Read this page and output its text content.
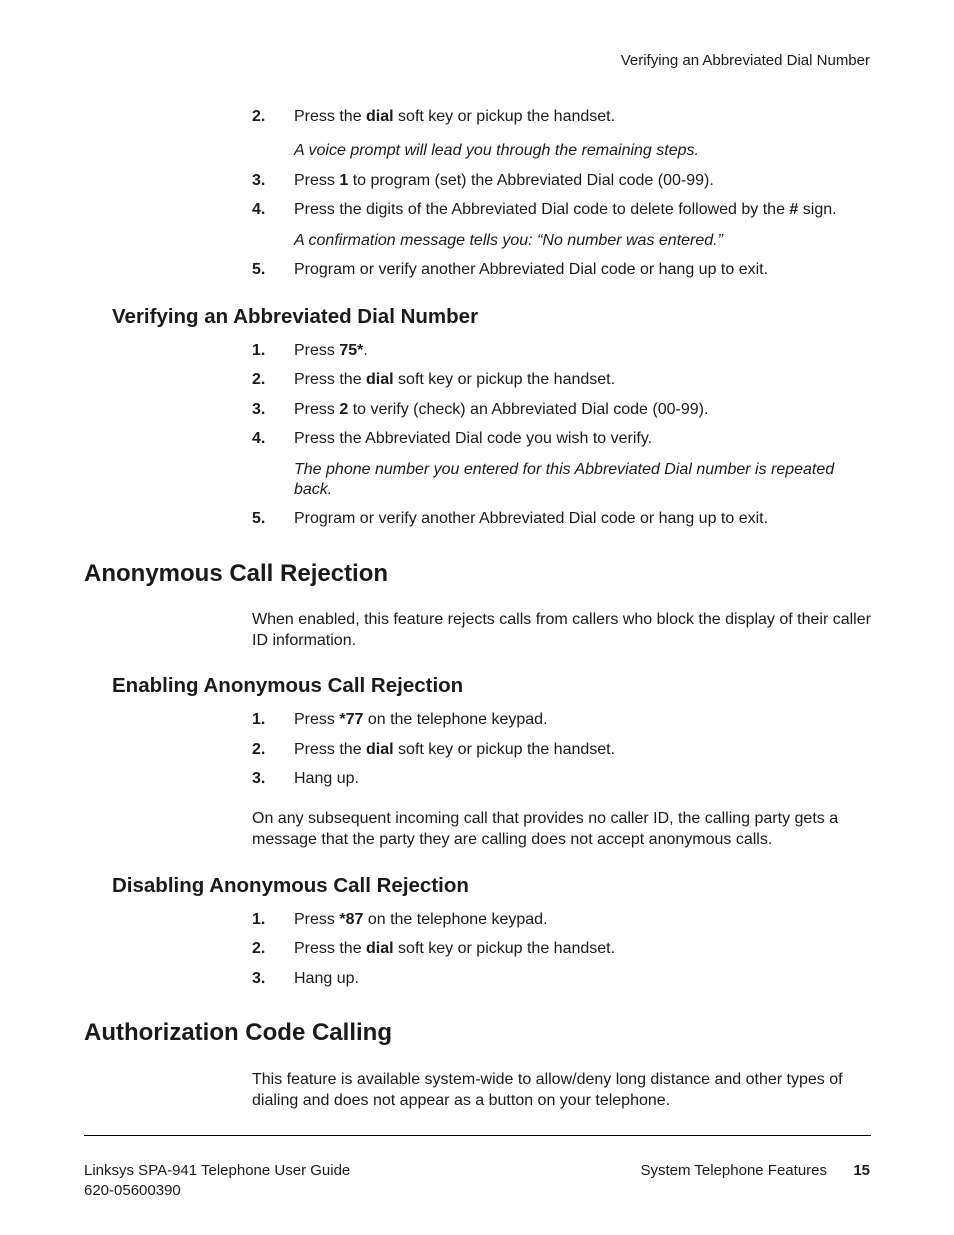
Verifying an Abbreviated Dial Number
2. Press the dial soft key or pickup the handset.
A voice prompt will lead you through the remaining steps.
3. Press 1 to program (set) the Abbreviated Dial code (00-99).
4. Press the digits of the Abbreviated Dial code to delete followed by the # sign.
A confirmation message tells you: “No number was entered.”
5. Program or verify another Abbreviated Dial code or hang up to exit.
Verifying an Abbreviated Dial Number
1. Press 75*.
2. Press the dial soft key or pickup the handset.
3. Press 2 to verify (check) an Abbreviated Dial code (00-99).
4. Press the Abbreviated Dial code you wish to verify.
The phone number you entered for this Abbreviated Dial number is repeated back.
5. Program or verify another Abbreviated Dial code or hang up to exit.
Anonymous Call Rejection
When enabled, this feature rejects calls from callers who block the display of their caller ID information.
Enabling Anonymous Call Rejection
1. Press *77 on the telephone keypad.
2. Press the dial soft key or pickup the handset.
3. Hang up.
On any subsequent incoming call that provides no caller ID, the calling party gets a message that the party they are calling does not accept anonymous calls.
Disabling Anonymous Call Rejection
1. Press *87 on the telephone keypad.
2. Press the dial soft key or pickup the handset.
3. Hang up.
Authorization Code Calling
This feature is available system-wide to allow/deny long distance and other types of dialing and does not appear as a button on your telephone.
Linksys SPA-941 Telephone User Guide
620-05600390
System Telephone Features 15
